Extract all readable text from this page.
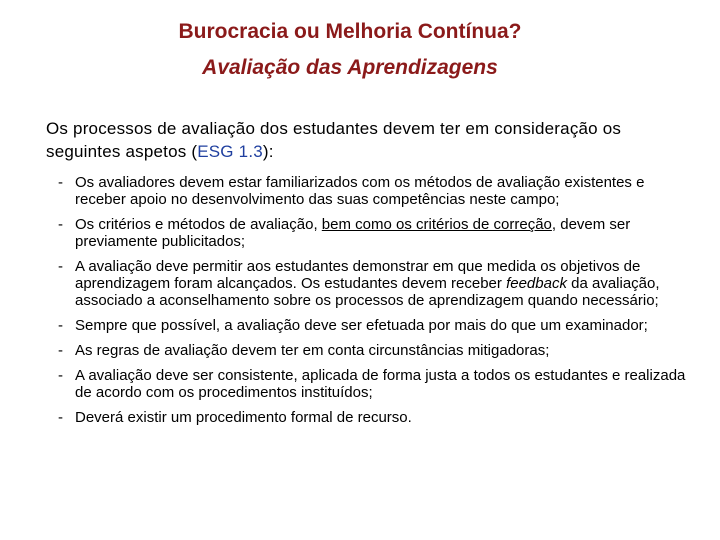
Burocracia ou Melhoria Contínua?
Avaliação das Aprendizagens

Os processos de avaliação dos estudantes devem ter em consideração os seguintes aspetos (ESG 1.3):

- Os avaliadores devem estar familiarizados com os métodos de avaliação existentes e receber apoio no desenvolvimento das suas competências neste campo;
- Os critérios e métodos de avaliação, bem como os critérios de correção, devem ser previamente publicitados;
- A avaliação deve permitir aos estudantes demonstrar em que medida os objetivos de aprendizagem foram alcançados. Os estudantes devem receber feedback da avaliação, associado a aconselhamento sobre os processos de aprendizagem quando necessário;
- Sempre que possível, a avaliação deve ser efetuada por mais do que um examinador;
- As regras de avaliação devem ter em conta circunstâncias mitigadoras;
- A avaliação deve ser consistente, aplicada de forma justa a todos os estudantes e realizada de acordo com os procedimentos instituídos;
- Deverá existir um procedimento formal de recurso.
